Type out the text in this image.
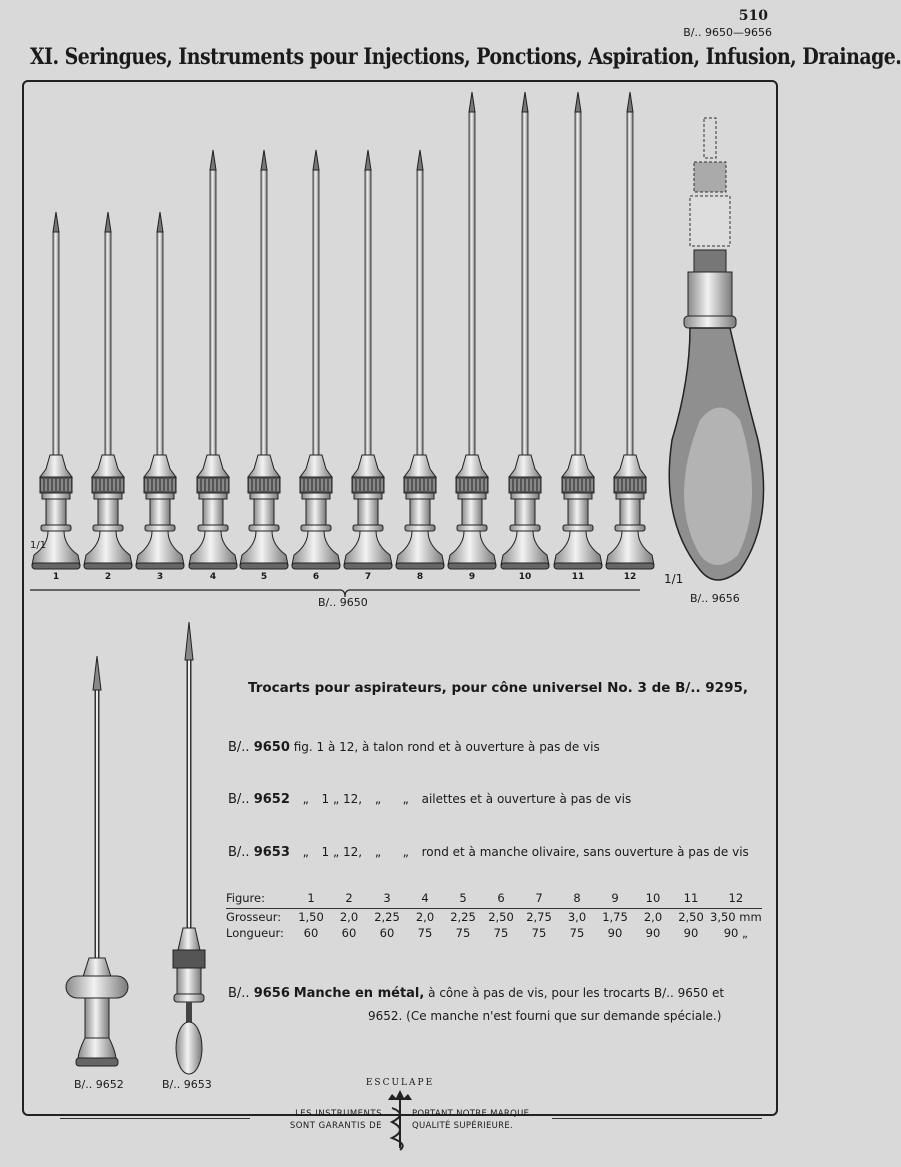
510
B/.. 9650—9656
XI. Seringues, Instruments pour Injections, Ponctions, Aspiration, Infusion, Drainage.
1	2	3	4	5	6	7	8	9	10	11	12
1/1
1/1
B/.. 9650	B/.. 9656
B/.. 9652	B/.. 9653
Trocarts pour aspirateurs, pour cône universel No. 3 de B/.. 9295,
B/.. 9650 fig. 1 à 12, à talon rond et à ouverture à pas de vis
B/.. 9652 „ 1 „ 12, „ „ ailettes et à ouverture à pas de vis
B/.. 9653 „ 1 „ 12, „ „ rond et à manche olivaire, sans ouverture à pas de vis
Figure:	1	2	3	4	5	6	7	8	9	10	11	12
Grosseur:	1,50	2,0	2,25	2,0	2,25	2,50	2,75	3,0	1,75	2,0	2,50	3,50 mm
Longueur:	60	60	60	75	75	75	75	75	90	90	90	90 „
B/.. 9656 Manche en métal, à cône à pas de vis, pour les trocarts B/.. 9650 et
9652. (Ce manche n'est fourni que sur demande spéciale.)
ESCULAPE
LES INSTRUMENTS
SONT GARANTIS DE
PORTANT NOTRE MARQUE
QUALITÉ SUPÉRIEURE.
